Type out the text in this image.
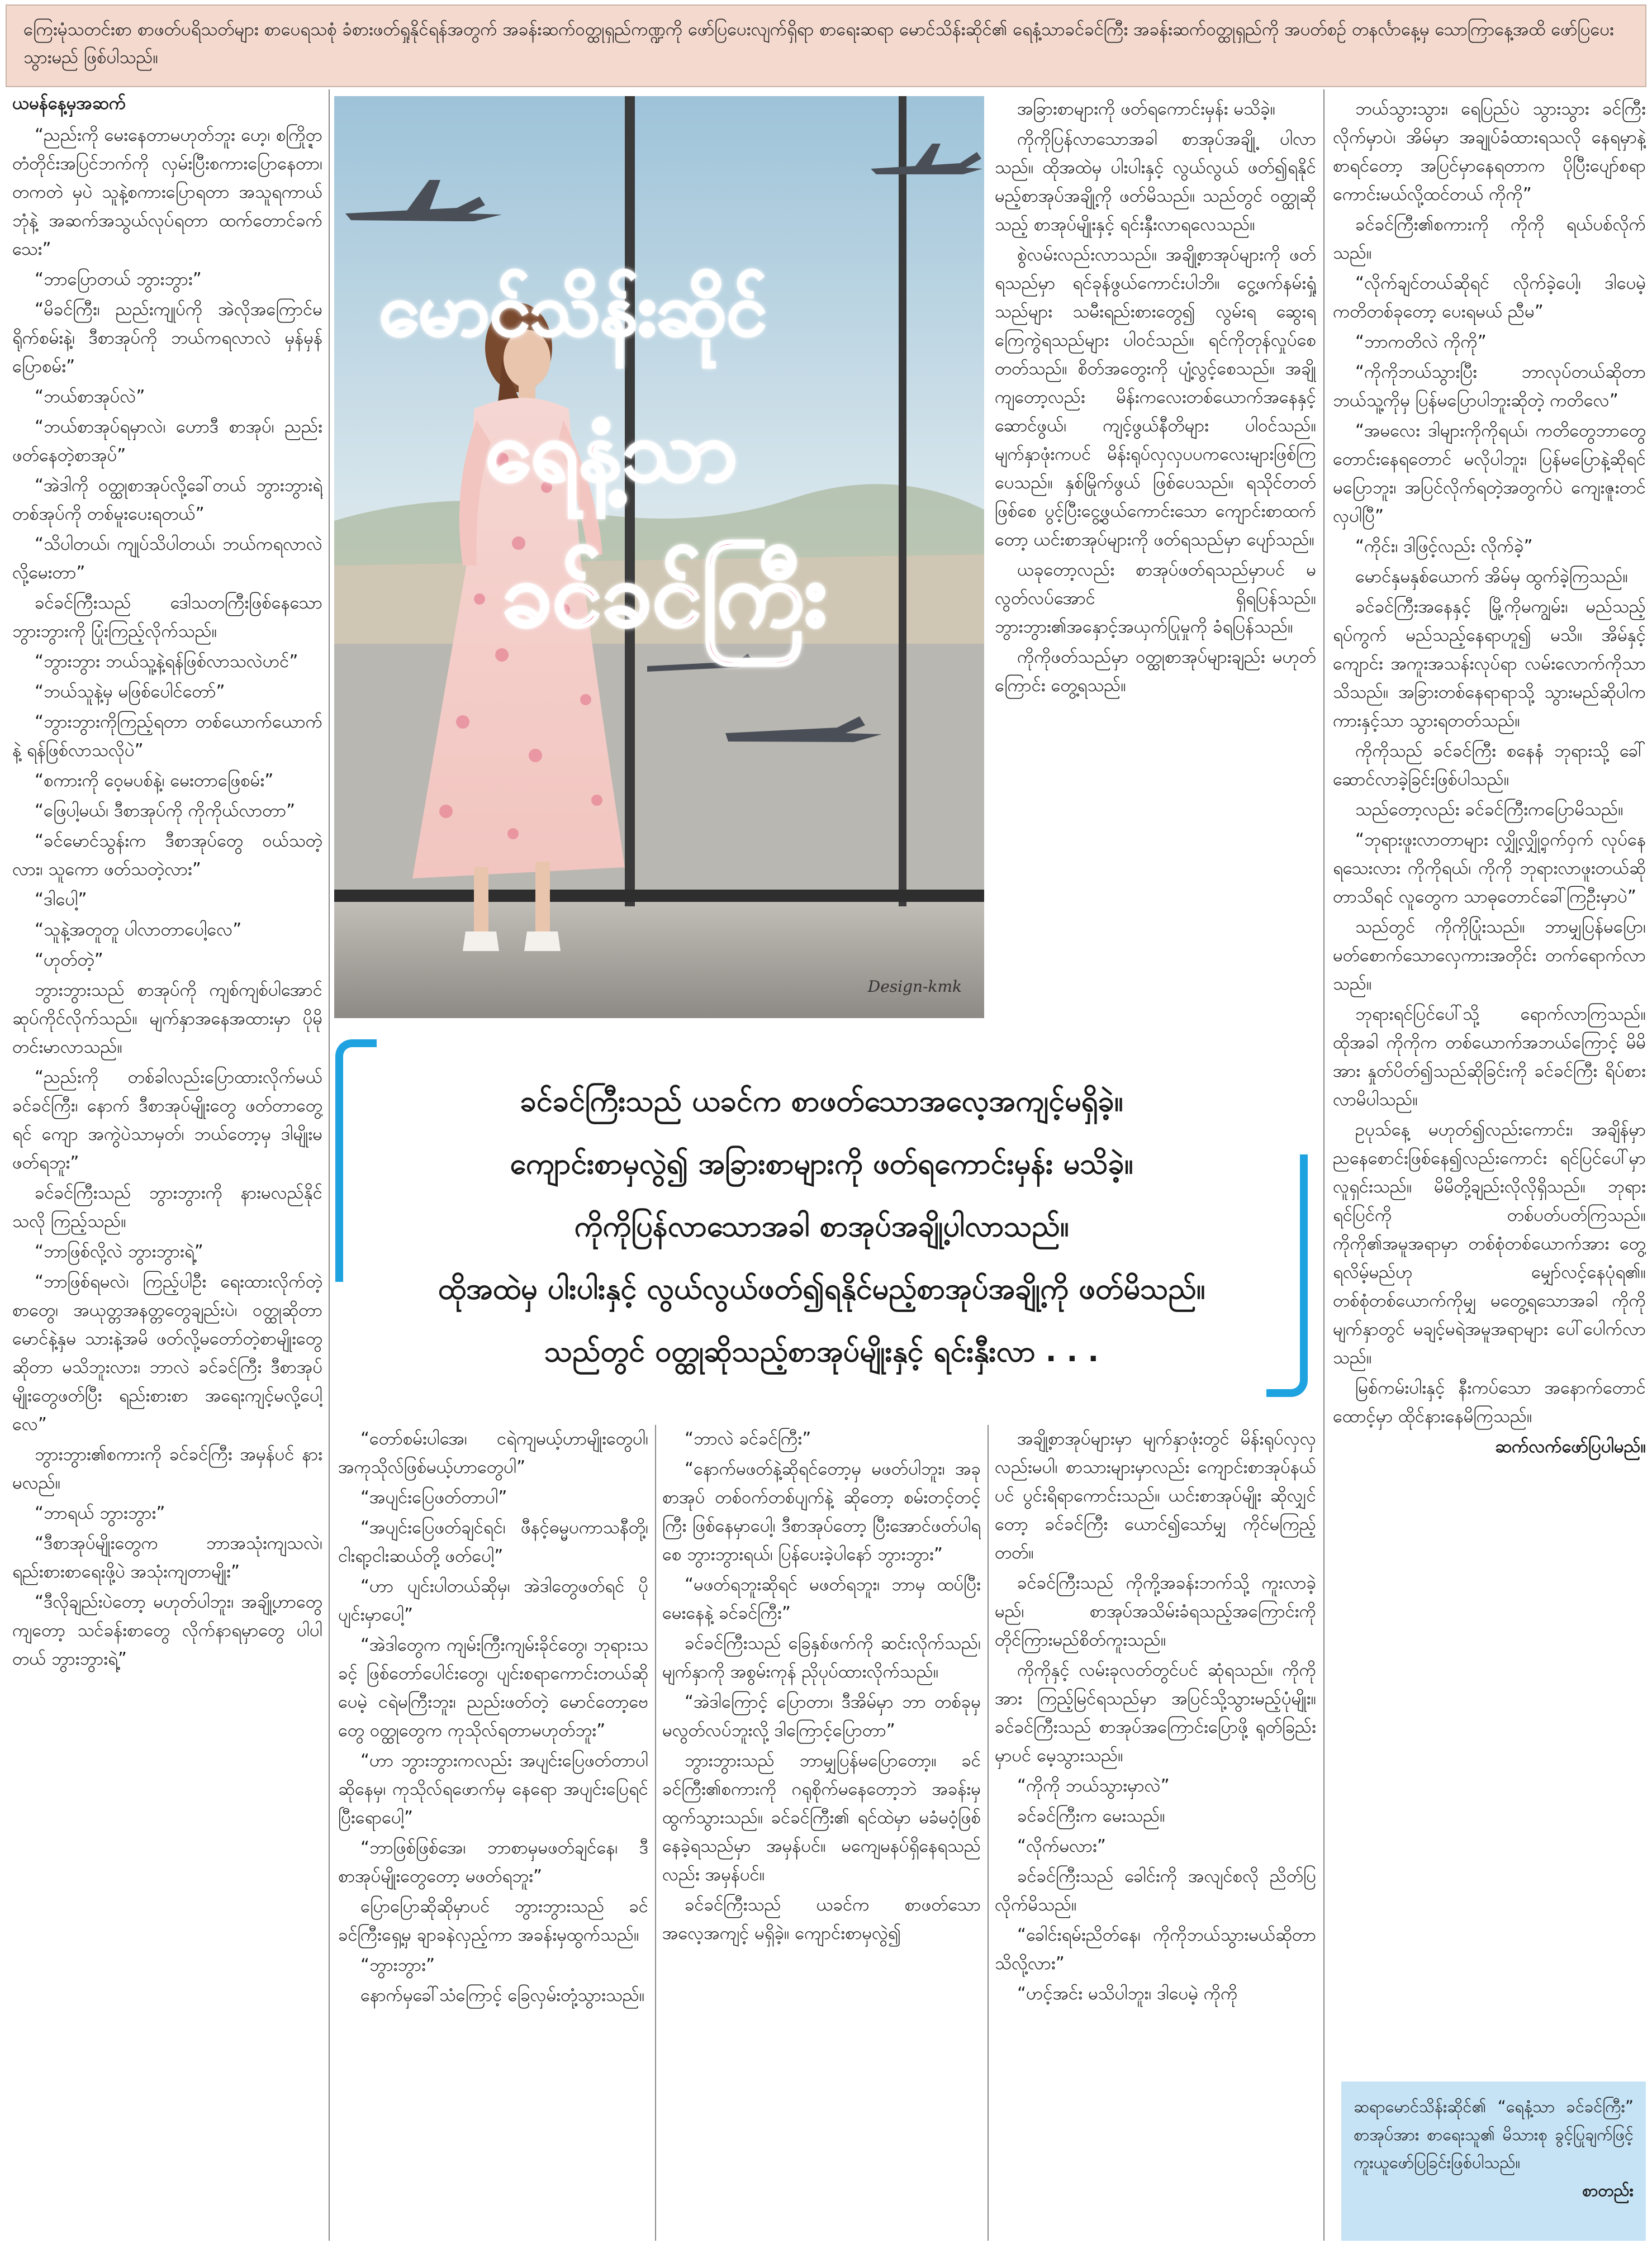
ကြေးမုံသတင်းစာ စာဖတ်ပရိသတ်များ စာပေရသစုံ ခံစားဖတ်ရှုနိုင်ရန်အတွက် အခန်းဆက်ဝတ္ထုရှည်ကဏ္ဍကို ဖော်ပြပေးလျက်ရှိရာ စာရေးဆရာ မောင်သိန်းဆိုင်၏ ရေနံ့သာခင်ခင်ကြီး အခန်းဆက်ဝတ္ထုရှည်ကို အပတ်စဉ် တနင်္လာနေ့မှ သောကြာနေ့အထိ ဖော်ပြပေးသွားမည် ဖြစ်ပါသည်။
ယမန်နေ့မှအဆက်

“ညည်းကို မေးနေတာမဟုတ်ဘူး ဟေ့၊ စကြိုဝ္ဍာ တံတိုင်းအပြင်ဘက်ကို လှမ်းပြီးစကားပြောနေတာ၊ တကတဲ မှပဲ သူနဲ့စကားပြောရတာ အသူရကာယ်ဘုံနဲ့ အဆက်အသွယ်လုပ်ရတာ ထက်တောင်ခက်သေး”

“ဘာပြောတယ် ဘွားဘွား”

“မိခင်ကြီး၊ ညည်းကျုပ်ကို အဲလိုအကြောင်မရိုက်စမ်းနဲ့၊ ဒီစာအုပ်ကို ဘယ်ကရလာလဲ မှန်မှန်ပြောစမ်း”

“ဘယ်စာအုပ်လဲ”

“ဘယ်စာအုပ်ရမှာလဲ၊ ဟောဒီ စာအုပ်၊ ညည်းဖတ်နေတဲ့စာအုပ်”

“အဲဒါကို ဝတ္ထုစာအုပ်လို့ခေါ်တယ် ဘွားဘွားရဲ့ တစ်အုပ်ကို တစ်မူးပေးရတယ်”

“သိပါတယ်၊ ကျုပ်သိပါတယ်၊ ဘယ်ကရလာလဲလို့မေးတာ”

ခင်ခင်ကြီးသည် ဒေါသတကြီးဖြစ်နေသောဘွားဘွားကို ပြုံးကြည့်လိုက်သည်။

“ဘွားဘွား ဘယ်သူ့နဲ့ရန်ဖြစ်လာသလဲဟင်”

“ဘယ်သူနဲ့မှ မဖြစ်ပေါင်တော်”

“ဘွားဘွားကိုကြည့်ရတာ တစ်ယောက်ယောက်နဲ့ ရန်ဖြစ်လာသလိုပဲ”

“စကားကို ဝေ့မပစ်နဲ့၊ မေးတာဖြေစမ်း”

“ဖြေပါ့မယ်၊ ဒီစာအုပ်ကို ကိုကိုယ်လာတာ”

“ခင်မောင်သွန်းက ဒီစာအုပ်တွေ ဝယ်သတဲ့လား၊ သူကော ဖတ်သတဲ့လား”

“ဒါပေါ့”

“သူနဲ့အတူတူ ပါလာတာပေါ့လေ”

“ဟုတ်တဲ့”

ဘွားဘွားသည် စာအုပ်ကို ကျစ်ကျစ်ပါအောင်ဆုပ်ကိုင်လိုက်သည်။ မျက်နှာအနေအထားမှာ ပိုမိုတင်းမာလာသည်။

“ညည်းကို တစ်ခါလည်းပြောထားလိုက်မယ် ခင်ခင်ကြီး၊ နောက် ဒီစာအုပ်မျိုးတွေ ဖတ်တာတွေ့ရင် ကျော အကွဲပဲသာမှတ်၊ ဘယ်တော့မှ ဒါမျိုးမဖတ်ရဘူး”

ခင်ခင်ကြီးသည် ဘွားဘွားကို နားမလည်နိုင်သလို ကြည့်သည်။

“ဘာဖြစ်လို့လဲ ဘွားဘွားရဲ့”

“ဘာဖြစ်ရမလဲ၊ ကြည့်ပါဦး ရေးထားလိုက်တဲ့ စာတွေ၊ အယုတ္တအနတ္တတွေချည်းပဲ၊ ဝတ္ထုဆိုတာ မောင်နဲ့နှမ သားနဲ့အမိ ဖတ်လို့မတော်တဲ့စာမျိုးတွေဆိုတာ မသိဘူးလား၊ ဘာလဲ ခင်ခင်ကြီး ဒီစာအုပ်မျိုးတွေဖတ်ပြီး ရည်းစားစာ အရေးကျင့်မလို့ပေါ့လေ”

ဘွားဘွား၏စကားကို ခင်ခင်ကြီး အမှန်ပင် နားမလည်။

“ဘာရယ် ဘွားဘွား”

“ဒီစာအုပ်မျိုးတွေက ဘာအသုံးကျသလဲ၊ ရည်းစားစာရေးဖို့ပဲ အသုံးကျတာမျိုး”

“ဒီလိုချည်းပဲတော့ မဟုတ်ပါဘူး၊ အချို့ဟာတွေကျတော့ သင်ခန်းစာတွေ လိုက်နာရမှာတွေ ပါပါတယ် ဘွားဘွားရဲ့”

မောင်သိန်းဆိုင်
ရေနံ့သာ
ခင်ခင်ကြီး
Design-kmk

အခြားစာများကို ဖတ်ရကောင်းမှန်း မသိခဲ့။

ကိုကိုပြန်လာသောအခါ စာအုပ်အချို့ ပါလာသည်။ ထိုအထဲမှ ပါးပါးနှင့် လွယ်လွယ် ဖတ်၍ရနိုင်မည့်စာအုပ်အချို့ကို ဖတ်မိသည်။ သည်တွင် ဝတ္ထုဆိုသည့် စာအုပ်မျိုးနှင့် ရင်းနှီးလာရလေသည်။

စွဲလမ်းလည်းလာသည်။ အချို့စာအုပ်များကို ဖတ်ရသည်မှာ ရင်ခုန်ဖွယ်ကောင်းပါဘိ။ ငွေ့ဖက်နမ်းရှုံ့သည်များ သမီးရည်းစားတွေ၍ လွမ်းရ ဆွေးရ ကြေကွဲရသည်များ ပါဝင်သည်။ ရင်ကိုတုန်လှုပ်စေတတ်သည်။ စိတ်အတွေးကို ပျံ့လွင့်စေသည်။ အချို့ကျတော့လည်း မိန်းကလေးတစ်ယောက်အနေနှင့် ဆောင်ဖွယ်၊ ကျင့်ဖွယ်နီတိများ ပါဝင်သည်။ မျက်နှာဖုံးကပင် မိန်းရုပ်လှလှပပကလေးများဖြစ်ကြပေသည်။ နှစ်မြိုက်ဖွယ် ဖြစ်ပေသည်။ ရသိုင်တတ်ဖြစ်စေ ပွင့်ပြီးငွေ့ဖွယ်ကောင်းသော ကျောင်းစာထက်တော့ ယင်းစာအုပ်များကို ဖတ်ရသည်မှာ ပျော်သည်။

ယခုတော့လည်း စာအုပ်ဖတ်ရသည်မှာပင် မလွတ်လပ်အောင် ရှိရပြန်သည်။ ဘွားဘွား၏အနှောင့်အယှက်ပြုမှုကို ခံရပြန်သည်။

ကိုကိုဖတ်သည်မှာ ဝတ္ထုစာအုပ်များချည်း မဟုတ်ကြောင်း တွေ့ရသည်။

ဘယ်သွားသွား၊ ရေပြည်ပဲ သွားသွား ခင်ကြီးလိုက်မှာပဲ၊ အိမ်မှာ အချုပ်ခံထားရသလို နေရမှာနဲ့စာရင်တော့ အပြင်မှာနေရတာက ပိုပြီးပျော်စရာကောင်းမယ်လို့ထင်တယ် ကိုကို”

ခင်ခင်ကြီး၏စကားကို ကိုကို ရယ်ပစ်လိုက်သည်။

“လိုက်ချင်တယ်ဆိုရင် လိုက်ခဲ့ပေါ့၊ ဒါပေမဲ့ ကတိတစ်ခုတော့ ပေးရမယ် ညီမ”

“ဘာကတိလဲ ကိုကို”

“ကိုကိုဘယ်သွားပြီး ဘာလုပ်တယ်ဆိုတာ ဘယ်သူ့ကိုမှ ပြန်မပြောပါဘူးဆိုတဲ့ ကတိလေ”

“အမလေး ဒါများကိုကိုရယ်၊ ကတိတွေဘာတွေ တောင်းနေရတောင် မလိုပါဘူး၊ ပြန်မပြောနဲ့ဆိုရင် မပြောဘူး၊ အပြင်လိုက်ရတဲ့အတွက်ပဲ ကျေးဇူးတင်လှပါပြီ”

“ကိုင်း၊ ဒါဖြင့်လည်း လိုက်ခဲ့”

မောင်နှမနှစ်ယောက် အိမ်မှ ထွက်ခဲ့ကြသည်။

ခင်ခင်ကြီးအနေနှင့် မြို့ကိုမကျွမ်း၊ မည်သည့်ရပ်ကွက် မည်သည့်နေရာဟူ၍ မသိ။ အိမ်နှင့်ကျောင်း အကူးအသန်းလုပ်ရာ လမ်းလောက်ကိုသာ သိသည်။ အခြားတစ်နေရာရာသို့ သွားမည်ဆိုပါက ကားနှင့်သာ သွားရတတ်သည်။

ကိုကိုသည် ခင်ခင်ကြီး စနေနံ ဘုရားသို့ ခေါ်ဆောင်လာခဲ့ခြင်းဖြစ်ပါသည်။

သည်တော့လည်း ခင်ခင်ကြီးကပြောမိသည်။

“ဘုရားဖူးလာတာများ လျှို့လျှို့ဝှက်ဝှက် လုပ်နေရသေးလား ကိုကိုရယ်၊ ကိုကို ဘုရားလာဖူးတယ်ဆိုတာသိရင် လူတွေက သာဓုတောင်ခေါ်ကြဦးမှာပဲ”

သည်တွင် ကိုကိုပြုံးသည်။ ဘာမျှပြန်မပြော၊ မတ်စောက်သောလှေကားအတိုင်း တက်ရောက်လာသည်။

ဘုရားရင်ပြင်ပေါ်သို့ ရောက်လာကြသည်။ ထိုအခါ ကိုကိုက တစ်ယောက်အဘယ်ကြောင့် မိမိအား နှုတ်ပိတ်၍သည်ဆိုခြင်းကို ခင်ခင်ကြီး ရိပ်စားလာမိပါသည်။

ဥပုသ်နေ့ မဟုတ်၍လည်းကောင်း၊ အချိန်မှာ ညနေစောင်းဖြစ်နေ၍လည်းကောင်း ရင်ပြင်ပေါ်မှာ လူရှင်းသည်။ မိမိတို့ချည်းလိုလိုရှိသည်။ ဘုရားရင်ပြင်ကို တစ်ပတ်ပတ်ကြသည်။ ကိုကို၏အမူအရာမှာ တစ်စုံတစ်ယောက်အား တွေ့ရလိမ့်မည်ဟု မျှော်လင့်နေပုံရ၏။ တစ်စုံတစ်ယောက်ကိုမျှ မတွေ့ရသောအခါ ကိုကိုမျက်နှာတွင် မချင့်မရဲအမူအရာများ ပေါ်ပေါက်လာသည်။

မြစ်ကမ်းပါးနှင့် နီးကပ်သော အနောက်တောင်ထောင့်မှာ ထိုင်နားနေမိကြသည်။

ဆက်လက်ဖော်ပြပါမည်။

ဆရာမောင်သိန်းဆိုင်၏ “ရေနံ့သာ ခင်ခင်ကြီး” စာအုပ်အား စာရေးသူ၏ မိသားစု ခွင့်ပြုချက်ဖြင့် ကူးယူဖော်ပြခြင်းဖြစ်ပါသည်။
စာတည်း
ခင်ခင်ကြီးသည် ယခင်က စာဖတ်သောအလေ့အကျင့်မရှိခဲ့။
ကျောင်းစာမှလွဲ၍ အခြားစာများကို ဖတ်ရကောင်းမှန်း မသိခဲ့။
ကိုကိုပြန်လာသောအခါ စာအုပ်အချို့ပါလာသည်။
ထိုအထဲမှ ပါးပါးနှင့် လွယ်လွယ်ဖတ်၍ရနိုင်မည့်စာအုပ်အချို့ကို ဖတ်မိသည်။
သည်တွင် ဝတ္ထုဆိုသည့်စာအုပ်မျိုးနှင့် ရင်းနှီးလာ . . .

“တော်စမ်းပါအေ၊ ငရဲကျမယ့်ဟာမျိုးတွေပါ၊ အကုသိုလ်ဖြစ်မယ့်ဟာတွေပါ”

“အပျင်းပြေဖတ်တာပါ”

“အပျင်းပြေဖတ်ချင်ရင်၊ ဖီနင့်ဓမ္မပကာသနီတို့၊ ငါးရာ့ငါးဆယ်တို့ ဖတ်ပေါ့”

“ဟာ ပျင်းပါတယ်ဆိုမှ၊ အဲဒါတွေဖတ်ရင် ပိုပျင်းမှာပေါ့”

“အဲဒါတွေက ကျမ်းကြီးကျမ်းခိုင်တွေ၊ ဘုရားသခင့် ဖြစ်တော်ပေါင်းတွေ၊ ပျင်းစရာကောင်းတယ်ဆိုပေမဲ့ ငရဲမကြီးဘူး၊ ညည်းဖတ်တဲ့ မောင်တော့ဗေတွေ ဝတ္ထုတွေက ကုသိုလ်ရတာမဟုတ်ဘူး”

“ဟာ ဘွားဘွားကလည်း အပျင်းပြေဖတ်တာပါဆိုနေမှ၊ ကုသိုလ်ရဖောက်မှ နေရော အပျင်းပြေရင်ပြီးရောပေါ့”

“ဘာဖြစ်ဖြစ်အေ၊ ဘာစာမှမဖတ်ချင်နေ၊ ဒီစာအုပ်မျိုးတွေတော့ မဖတ်ရဘူး”

ပြောပြောဆိုဆိုမှာပင် ဘွားဘွားသည် ခင်ခင်ကြီးရှေ့မှ ချာခနဲလှည့်ကာ အခန်းမှထွက်သည်။

“ဘွားဘွား”

နောက်မှခေါ်သံကြောင့် ခြေလှမ်းတုံ့သွားသည်။

“ဘာလဲ ခင်ခင်ကြီး”

“နောက်မဖတ်နဲ့ဆိုရင်တော့မှ မဖတ်ပါဘူး၊ အခု စာအုပ် တစ်ဝက်တစ်ပျက်နဲ့ ဆိုတော့ စမ်းတင့်တင့်ကြီး ဖြစ်နေမှာပေါ့၊ ဒီစာအုပ်တော့ ပြီးအောင်ဖတ်ပါရစေ ဘွားဘွားရယ်၊ ပြန်ပေးခဲ့ပါနော် ဘွားဘွား”

“မဖတ်ရဘူးဆိုရင် မဖတ်ရဘူး၊ ဘာမှ ထပ်ပြီးမေးနေနဲ့ ခင်ခင်ကြီး”

ခင်ခင်ကြီးသည် ခြေနှစ်ဖက်ကို ဆင်းလိုက်သည်၊ မျက်နှာကို အစွမ်းကုန် ညိုပုပ်ထားလိုက်သည်။

“အဲဒါကြောင့် ပြောတာ၊ ဒီအိမ်မှာ ဘာ တစ်ခုမှ မလွတ်လပ်ဘူးလို့ ဒါကြောင့်ပြောတာ”

ဘွားဘွားသည် ဘာမျှပြန်မပြောတော့။ ခင်ခင်ကြီး၏စကားကို ဂရုစိုက်မနေတော့ဘဲ အခန်းမှထွက်သွားသည်။ ခင်ခင်ကြီး၏ ရင်ထဲမှာ မခံမဝံ့ဖြစ်နေခဲ့ရသည်မှာ အမှန်ပင်။ မကျေမနပ်ရှိနေရသည်လည်း အမှန်ပင်။

ခင်ခင်ကြီးသည် ယခင်က စာဖတ်သော အလေ့အကျင့် မရှိခဲ့။ ကျောင်းစာမှလွဲ၍

အချို့စာအုပ်များမှာ မျက်နှာဖုံးတွင် မိန်းရုပ်လှလှလည်းမပါ၊ စာသားများမှာလည်း ကျောင်းစာအုပ်နယ်ပင် ပွင်းရိရာကောင်းသည်။ ယင်းစာအုပ်မျိုး ဆိုလျှင်တော့ ခင်ခင်ကြီး ယောင်၍သော်မျှ ကိုင်မကြည့်တတ်။

ခင်ခင်ကြီးသည် ကိုကို့အခန်းဘက်သို့ ကူးလာခဲ့မည်၊ စာအုပ်အသိမ်းခံရသည့်အကြောင်းကို တိုင်ကြားမည်စိတ်ကူးသည်။

ကိုကိုနှင့် လမ်းခုလတ်တွင်ပင် ဆုံရသည်။ ကိုကိုအား ကြည့်မြင်ရသည်မှာ အပြင်သို့သွားမည့်ပုံမျိုး။ ခင်ခင်ကြီးသည် စာအုပ်အကြောင်းပြောဖို့ ရုတ်ခြည်းမှာပင် မေ့သွားသည်။

“ကိုကို ဘယ်သွားမှာလဲ”

ခင်ခင်ကြီးက မေးသည်။

“လိုက်မလား”

ခင်ခင်ကြီးသည် ခေါင်းကို အလျင်စလို ညိတ်ပြလိုက်မိသည်။

“ခေါင်းရမ်းညိတ်နေ၊ ကိုကိုဘယ်သွားမယ်ဆိုတာ သိလို့လား”

“ဟင့်အင်း မသိပါဘူး၊ ဒါပေမဲ့ ကိုကို
